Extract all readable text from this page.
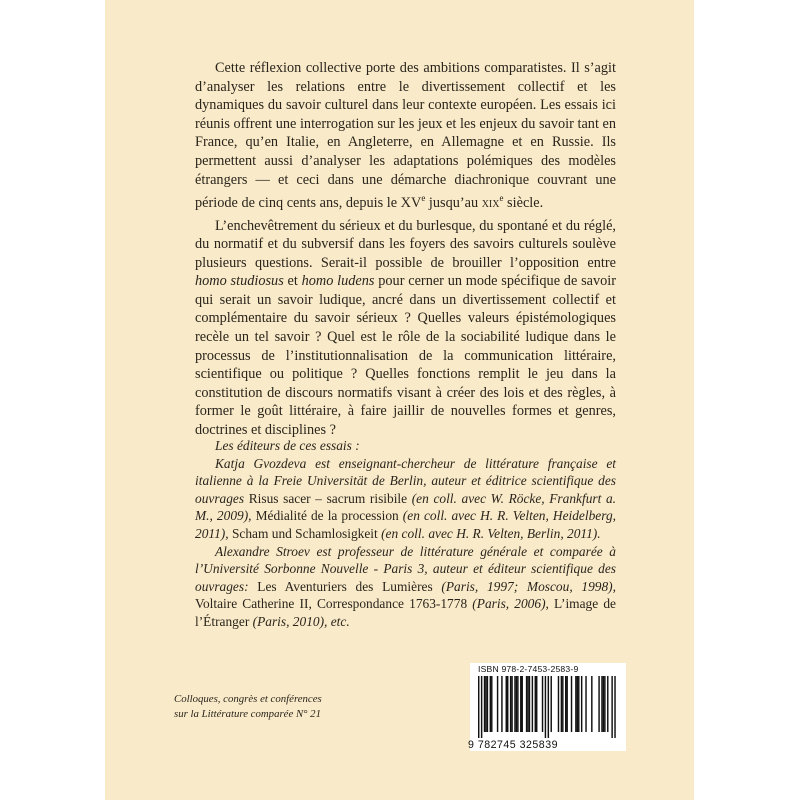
Cette réflexion collective porte des ambitions comparatistes. Il s’agit d’analyser les relations entre le divertissement collectif et les dynamiques du savoir culturel dans leur contexte européen. Les essais ici réunis offrent une interrogation sur les jeux et les enjeux du savoir tant en France, qu’en Italie, en Angleterre, en Allemagne et en Russie. Ils permettent aussi d’analyser les adaptations polémiques des modèles étrangers — et ceci dans une démarche diachronique couvrant une période de cinq cents ans, depuis le XVe jusqu’au xix$^e$ siècle.

L’enchevêtrement du sérieux et du burlesque, du spontané et du réglé, du normatif et du subversif dans les foyers des savoirs culturels soulève plusieurs questions. Serait-il possible de brouiller l’opposition entre homo studiosus et homo ludens pour cerner un mode spécifique de savoir qui serait un savoir ludique, ancré dans un divertissement collectif et complémentaire du savoir sérieux ? Quelles valeurs épistémologiques recèle un tel savoir ? Quel est le rôle de la sociabilité ludique dans le processus de l’institutionnalisation de la communication littéraire, scientifique ou politique ? Quelles fonctions remplit le jeu dans la constitution de discours normatifs visant à créer des lois et des règles, à former le goût littéraire, à faire jaillir de nouvelles formes et genres, doctrines et disciplines ?

Les éditeurs de ces essais :

Katja Gvozdeva est enseignant-chercheur de littérature française et italienne à la Freie Universität de Berlin, auteur et éditrice scientifique des ouvrages Risus sacer – sacrum risibile (en coll. avec W. Röcke, Frankfurt a. M., 2009), Médialité de la procession (en coll. avec H. R. Velten, Heidelberg, 2011), Scham und Schamlosigkeit (en coll. avec H. R. Velten, Berlin, 2011).

Alexandre Stroev est professeur de littérature générale et comparée à l’Université Sorbonne Nouvelle - Paris 3, auteur et éditeur scientifique des ouvrages: Les Aventuriers des Lumières (Paris, 1997; Moscou, 1998), Voltaire Catherine II, Correspondance 1763-1778 (Paris, 2006), L’image de l’Étranger (Paris, 2010), etc.

Colloques, congrès et conférences
sur la Littérature comparée N° 21
ISBN 978-2-7453-2583-9
9 782745 325839
